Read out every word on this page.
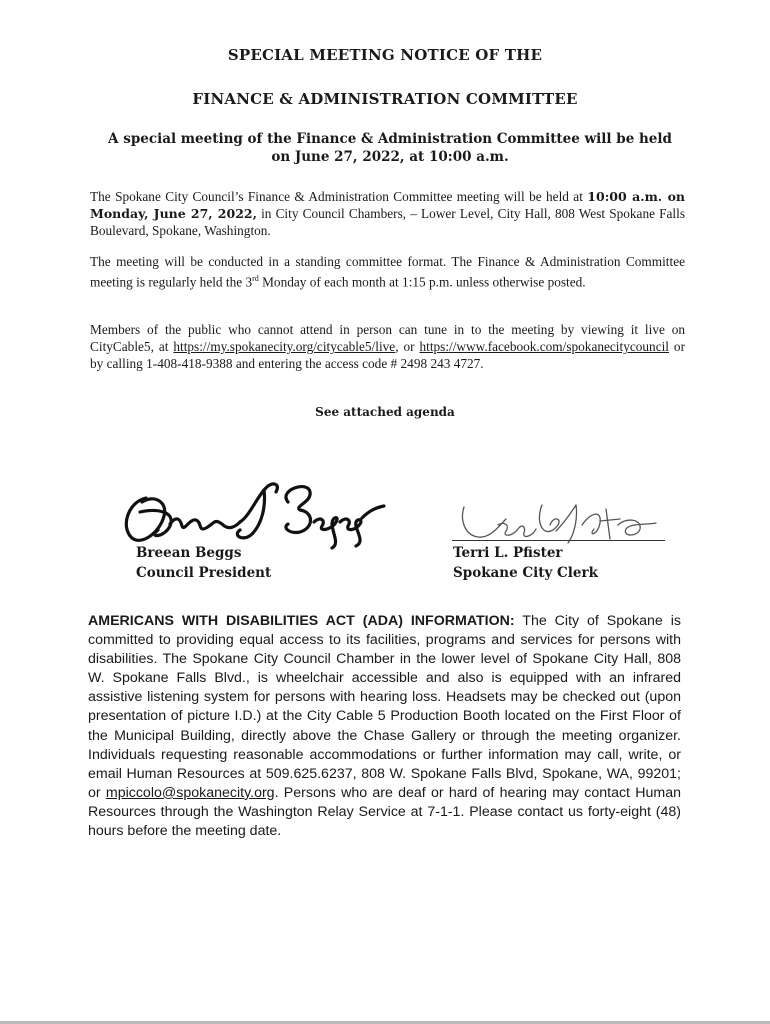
SPECIAL MEETING NOTICE OF THE
FINANCE & ADMINISTRATION COMMITTEE
A special meeting of the Finance & Administration Committee will be held
on June 27, 2022, at 10:00 a.m.
The Spokane City Council’s Finance & Administration Committee meeting will be held at 10:00 a.m. on Monday, June 27, 2022, in City Council Chambers, – Lower Level, City Hall, 808 West Spokane Falls Boulevard, Spokane, Washington.
The meeting will be conducted in a standing committee format. The Finance & Administration Committee meeting is regularly held the 3rd Monday of each month at 1:15 p.m. unless otherwise posted.
Members of the public who cannot attend in person can tune in to the meeting by viewing it live on CityCable5, at https://my.spokanecity.org/citycable5/live, or https://www.facebook.com/spokanecitycouncil or by calling 1-408-418-9388 and entering the access code # 2498 243 4727.
See attached agenda
Breean Beggs
Council President
Terri L. Pfister
Spokane City Clerk
AMERICANS WITH DISABILITIES ACT (ADA) INFORMATION: The City of Spokane is committed to providing equal access to its facilities, programs and services for persons with disabilities. The Spokane City Council Chamber in the lower level of Spokane City Hall, 808 W. Spokane Falls Blvd., is wheelchair accessible and also is equipped with an infrared assistive listening system for persons with hearing loss. Headsets may be checked out (upon presentation of picture I.D.) at the City Cable 5 Production Booth located on the First Floor of the Municipal Building, directly above the Chase Gallery or through the meeting organizer. Individuals requesting reasonable accommodations or further information may call, write, or email Human Resources at 509.625.6237, 808 W. Spokane Falls Blvd, Spokane, WA, 99201; or mpiccolo@spokanecity.org. Persons who are deaf or hard of hearing may contact Human Resources through the Washington Relay Service at 7-1-1. Please contact us forty-eight (48) hours before the meeting date.
